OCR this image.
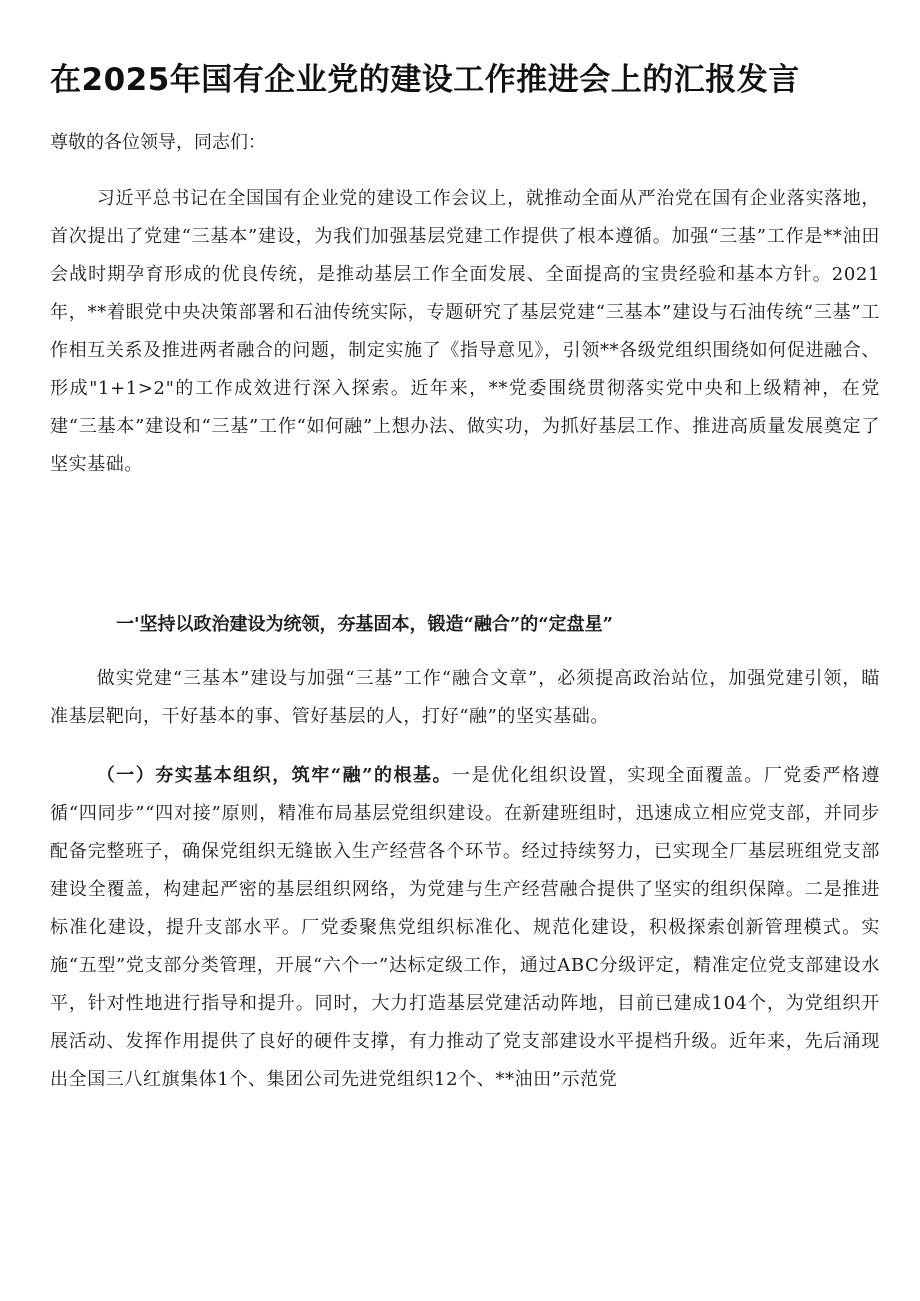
在2025年国有企业党的建设工作推进会上的汇报发言

尊敬的各位领导，同志们：

习近平总书记在全国国有企业党的建设工作会议上，就推动全面从严治党在国有企业落实落地，首次提出了党建“三基本”建设，为我们加强基层党建工作提供了根本遵循。加强“三基”工作是**油田会战时期孕育形成的优良传统，是推动基层工作全面发展、全面提高的宝贵经验和基本方针。2021年，**着眼党中央决策部署和石油传统实际，专题研究了基层党建“三基本”建设与石油传统“三基”工作相互关系及推进两者融合的问题，制定实施了《指导意见》，引领**各级党组织围绕如何促进融合、形成"1+1>2"的工作成效进行深入探索。近年来，**党委围绕贯彻落实党中央和上级精神，在党建“三基本”建设和“三基”工作“如何融”上想办法、做实功，为抓好基层工作、推进高质量发展奠定了坚实基础。

一'坚持以政治建设为统领，夯基固本，锻造“融合”的“定盘星”

做实党建“三基本”建设与加强“三基”工作“融合文章”，必须提高政治站位，加强党建引领，瞄准基层靶向，干好基本的事、管好基层的人，打好“融”的坚实基础。

（一）夯实基本组织，筑牢“融”的根基。一是优化组织设置，实现全面覆盖。厂党委严格遵循“四同步”“四对接”原则，精准布局基层党组织建设。在新建班组时，迅速成立相应党支部，并同步配备完整班子，确保党组织无缝嵌入生产经营各个环节。经过持续努力，已实现全厂基层班组党支部建设全覆盖，构建起严密的基层组织网络，为党建与生产经营融合提供了坚实的组织保障。二是推进标准化建设，提升支部水平。厂党委聚焦党组织标准化、规范化建设，积极探索创新管理模式。实施“五型”党支部分类管理，开展“六个一”达标定级工作，通过ABC分级评定，精准定位党支部建设水平，针对性地进行指导和提升。同时，大力打造基层党建活动阵地，目前已建成104个，为党组织开展活动、发挥作用提供了良好的硬件支撑，有力推动了党支部建设水平提档升级。近年来，先后涌现出全国三八红旗集体1个、集团公司先进党组织12个、**油田”示范党
